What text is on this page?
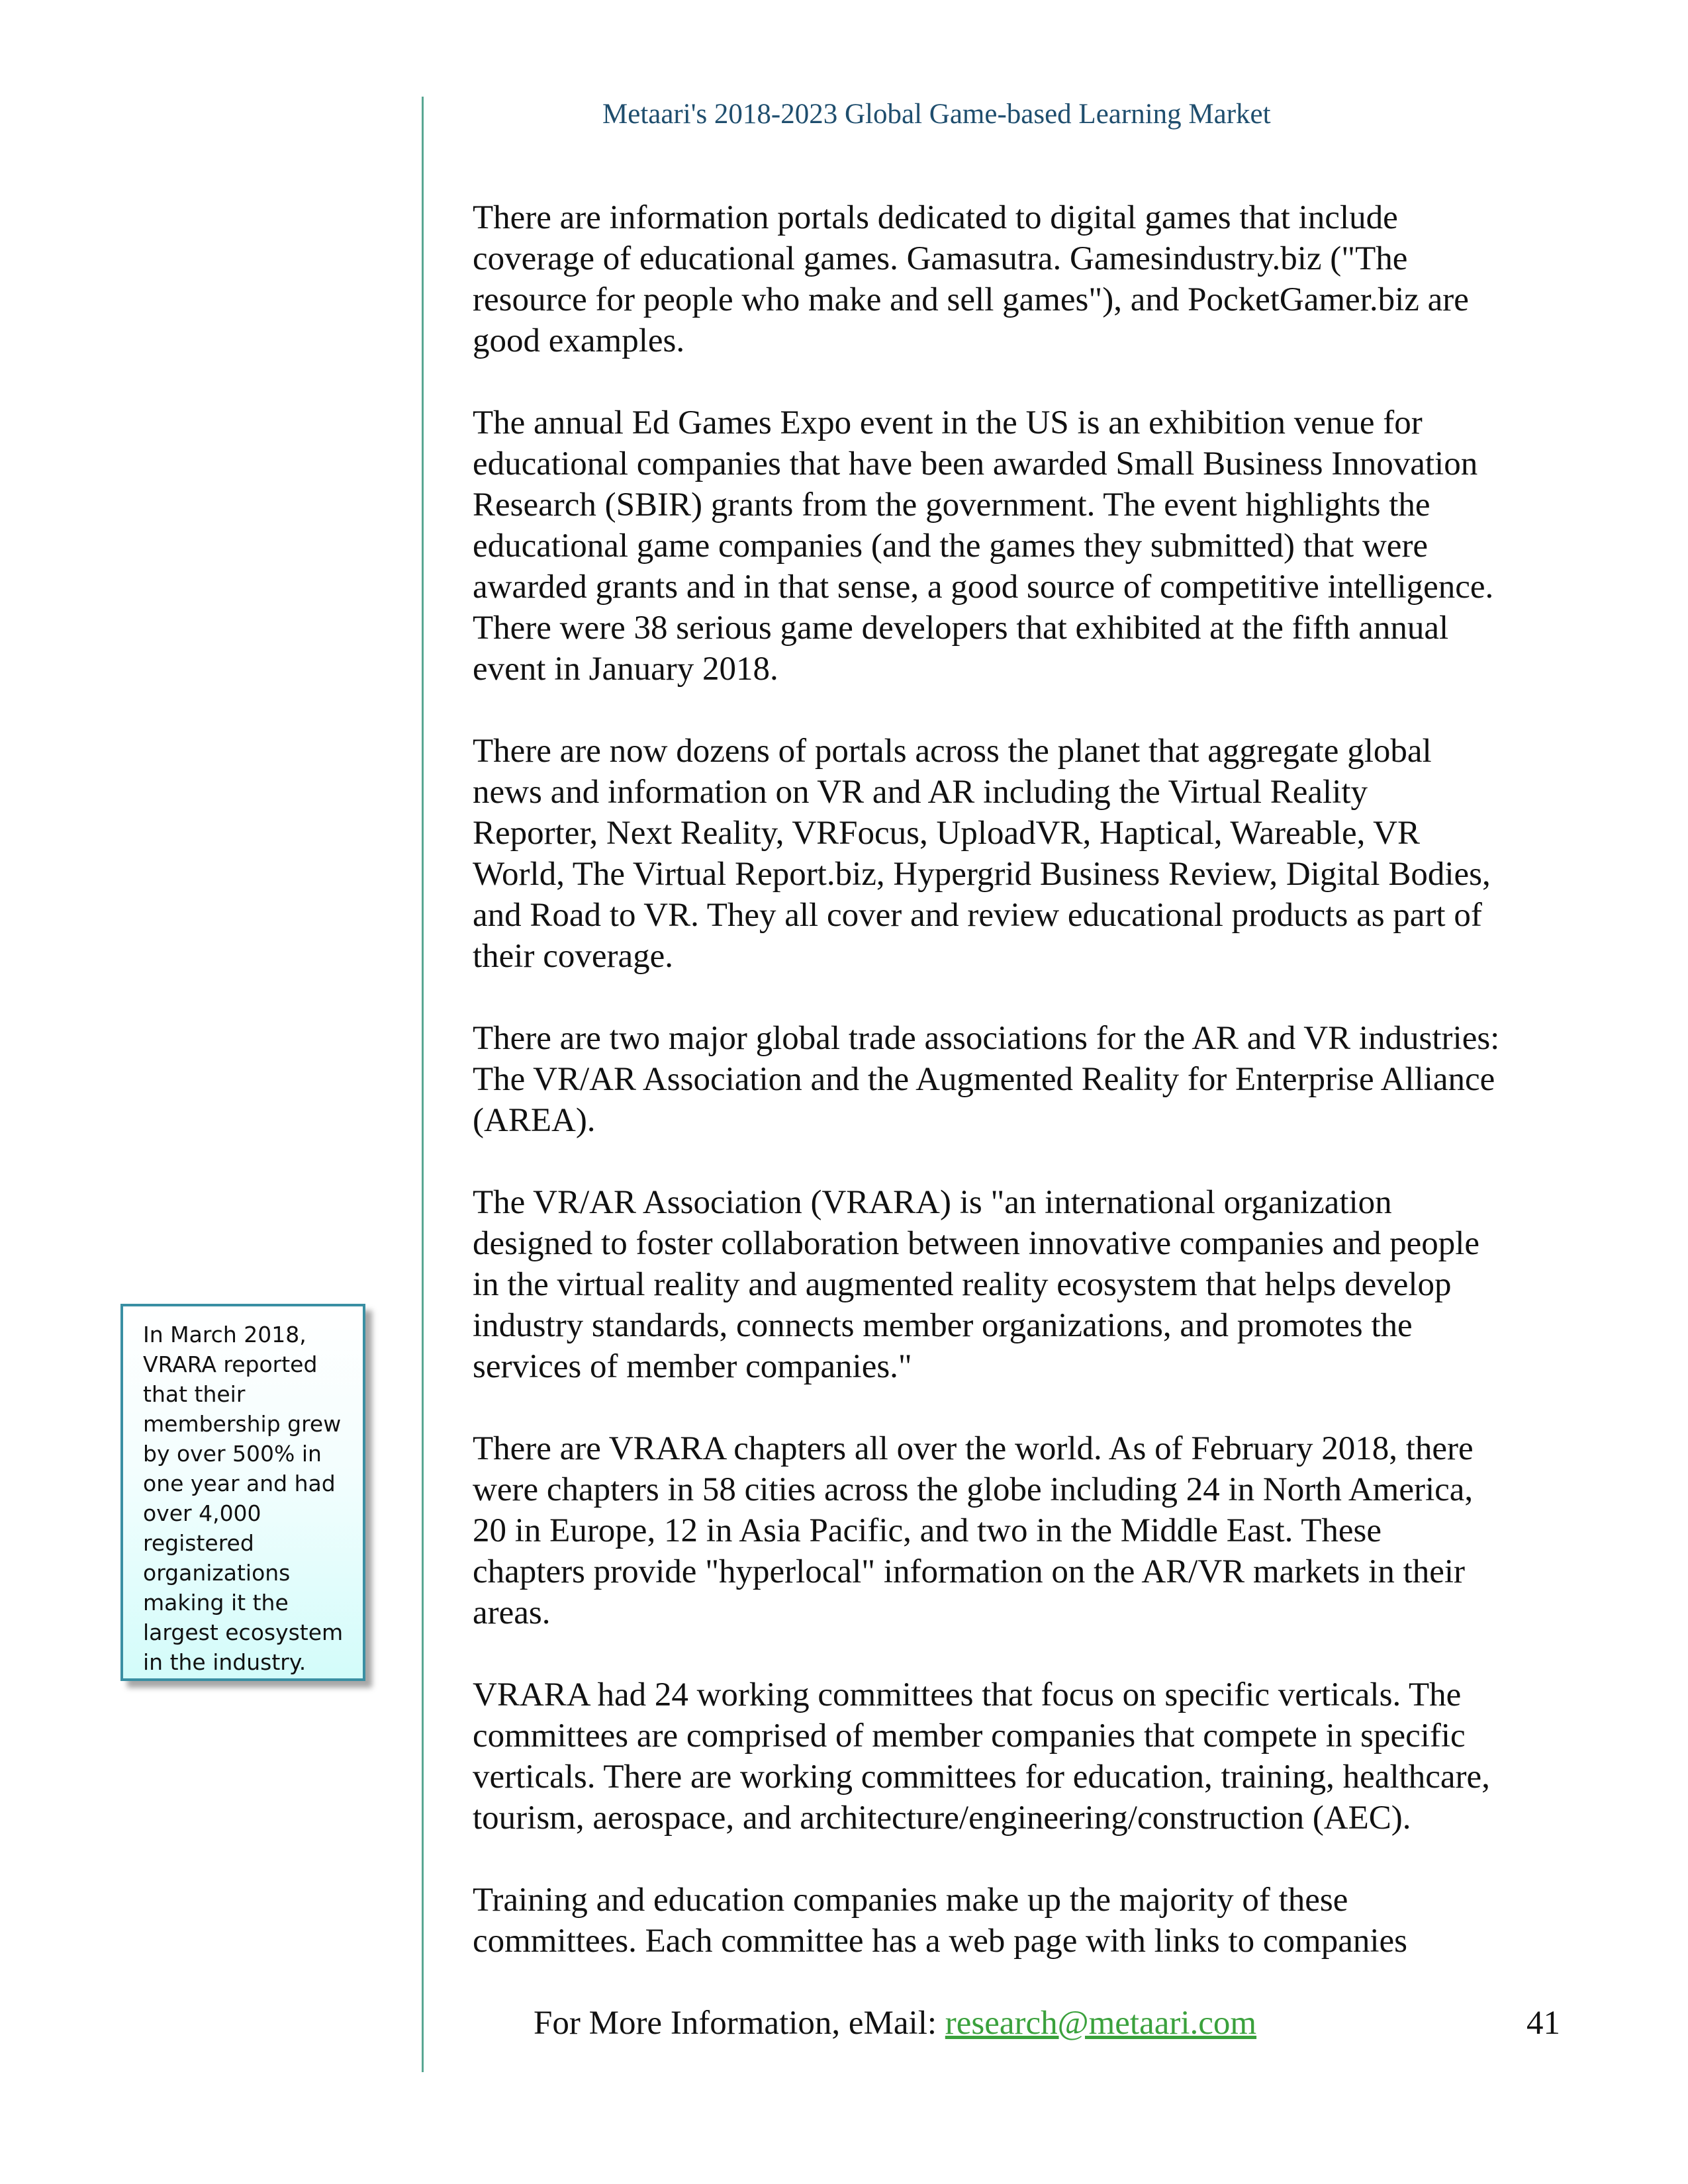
Metaari's 2018-2023 Global Game-based Learning Market

There are information portals dedicated to digital games that include
coverage of educational games. Gamasutra. Gamesindustry.biz ("The
resource for people who make and sell games"), and PocketGamer.biz are
good examples.

The annual Ed Games Expo event in the US is an exhibition venue for
educational companies that have been awarded Small Business Innovation
Research (SBIR) grants from the government. The event highlights the
educational game companies (and the games they submitted) that were
awarded grants and in that sense, a good source of competitive intelligence.
There were 38 serious game developers that exhibited at the fifth annual
event in January 2018.

There are now dozens of portals across the planet that aggregate global
news and information on VR and AR including the Virtual Reality
Reporter, Next Reality, VRFocus, UploadVR, Haptical, Wareable, VR
World, The Virtual Report.biz, Hypergrid Business Review, Digital Bodies,
and Road to VR. They all cover and review educational products as part of
their coverage.

There are two major global trade associations for the AR and VR industries:
The VR/AR Association and the Augmented Reality for Enterprise Alliance
(AREA).

The VR/AR Association (VRARA) is "an international organization
designed to foster collaboration between innovative companies and people
in the virtual reality and augmented reality ecosystem that helps develop
industry standards, connects member organizations, and promotes the
services of member companies."

There are VRARA chapters all over the world. As of February 2018, there
were chapters in 58 cities across the globe including 24 in North America,
20 in Europe, 12 in Asia Pacific, and two in the Middle East. These
chapters provide "hyperlocal" information on the AR/VR markets in their
areas.

VRARA had 24 working committees that focus on specific verticals. The
committees are comprised of member companies that compete in specific
verticals. There are working committees for education, training, healthcare,
tourism, aerospace, and architecture/engineering/construction (AEC).

Training and education companies make up the majority of these
committees. Each committee has a web page with links to companies

In March 2018,
VRARA reported
that their
membership grew
by over 500% in
one year and had
over 4,000
registered
organizations
making it the
largest ecosystem
in the industry.

For More Information, eMail: research@metaari.com	41
